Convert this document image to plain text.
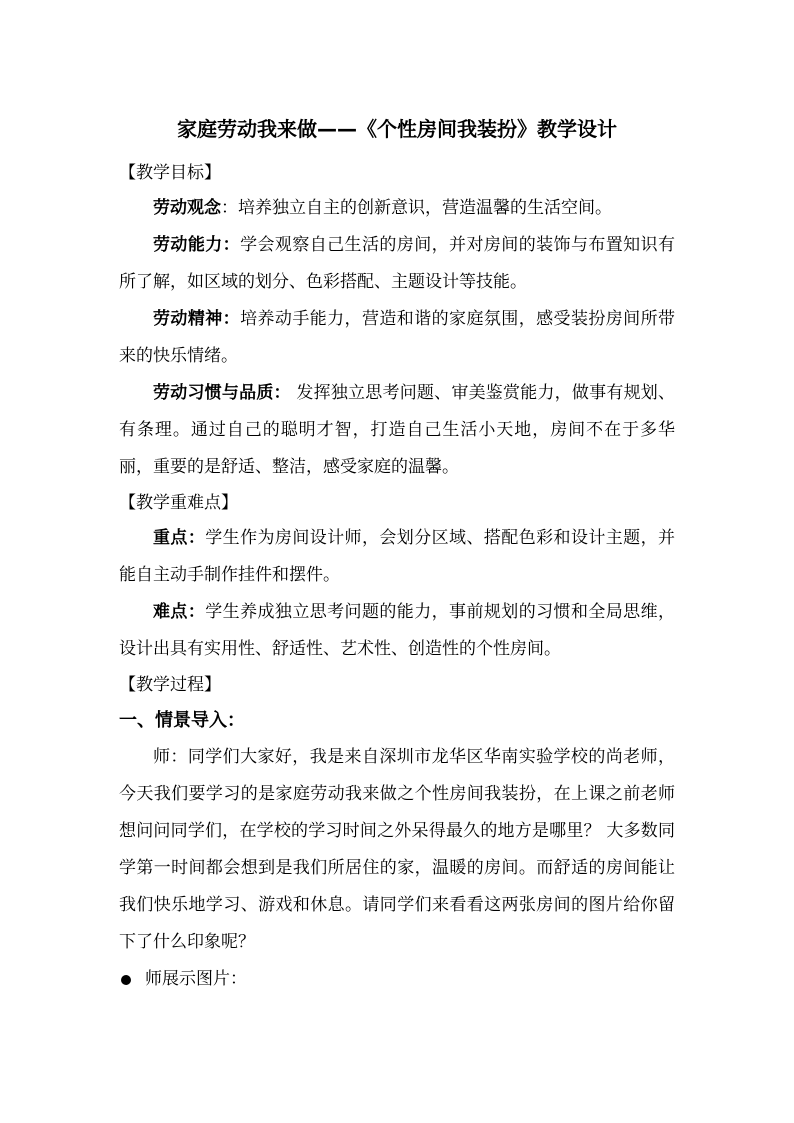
家庭劳动我来做——《个性房间我装扮》教学设计

【教学目标】

劳动观念：培养独立自主的创新意识，营造温馨的生活空间。

劳动能力：学会观察自己生活的房间，并对房间的装饰与布置知识有所了解，如区域的划分、色彩搭配、主题设计等技能。

劳动精神：培养动手能力，营造和谐的家庭氛围，感受装扮房间所带来的快乐情绪。

劳动习惯与品质： 发挥独立思考问题、审美鉴赏能力，做事有规划、有条理。通过自己的聪明才智，打造自己生活小天地，房间不在于多华丽，重要的是舒适、整洁，感受家庭的温馨。

【教学重难点】

重点：学生作为房间设计师，会划分区域、搭配色彩和设计主题，并能自主动手制作挂件和摆件。

难点：学生养成独立思考问题的能力，事前规划的习惯和全局思维，设计出具有实用性、舒适性、艺术性、创造性的个性房间。

【教学过程】

一、情景导入：

师：同学们大家好，我是来自深圳市龙华区华南实验学校的尚老师，今天我们要学习的是家庭劳动我来做之个性房间我装扮，在上课之前老师想问问同学们，在学校的学习时间之外呆得最久的地方是哪里？ 大多数同学第一时间都会想到是我们所居住的家，温暖的房间。而舒适的房间能让我们快乐地学习、游戏和休息。请同学们来看看这两张房间的图片给你留下了什么印象呢？

师展示图片：
